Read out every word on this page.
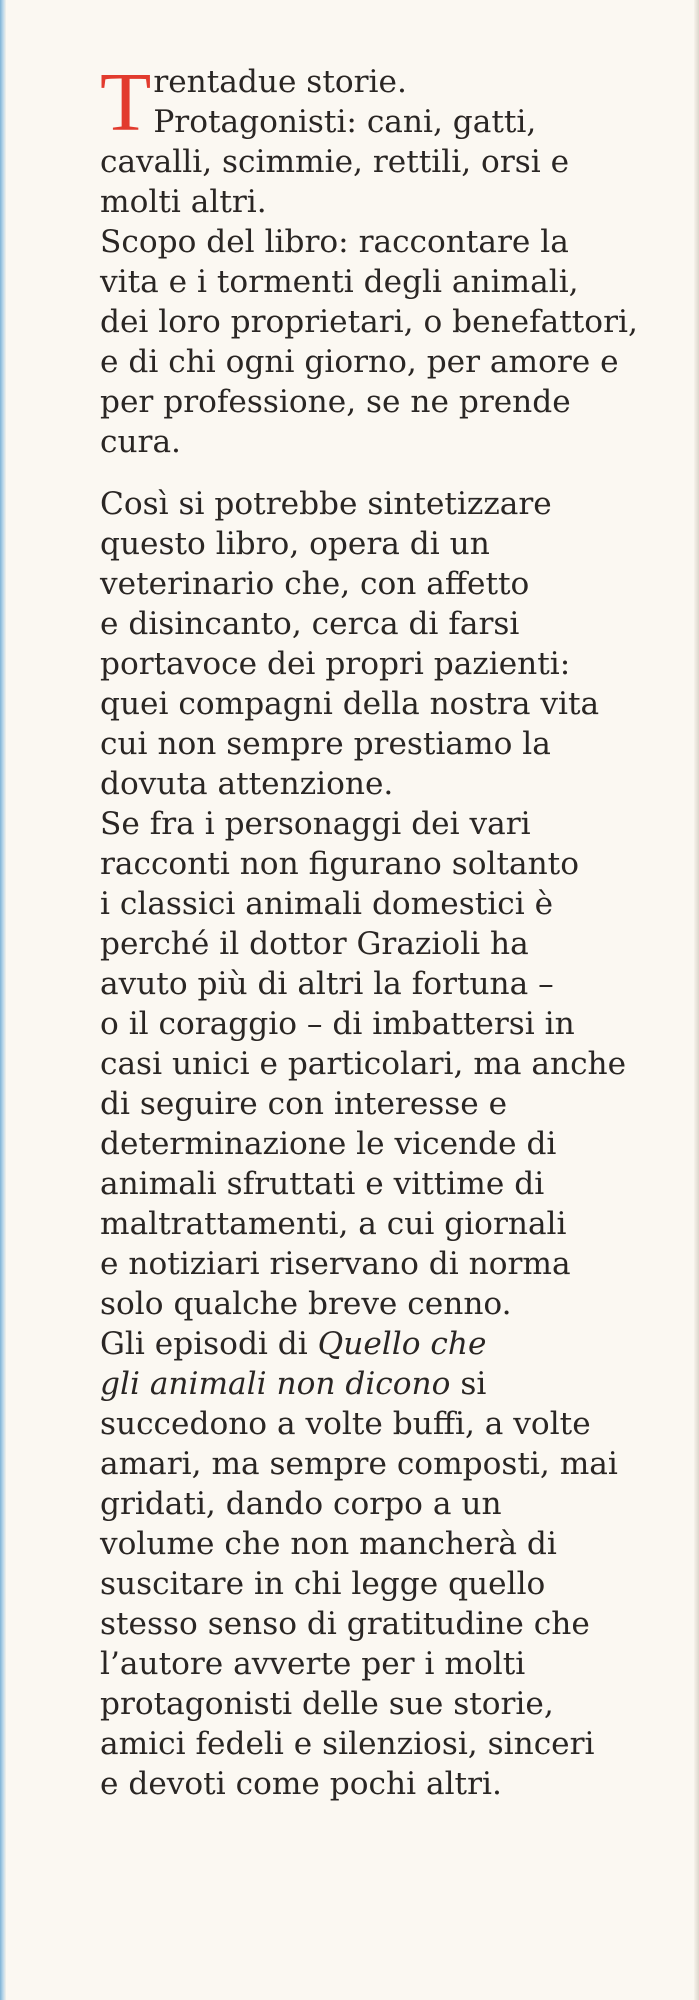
T rentadue storie.
Protagonisti: cani, gatti,
cavalli, scimmie, rettili, orsi e
molti altri.
Scopo del libro: raccontare la
vita e i tormenti degli animali,
dei loro proprietari, o benefattori,
e di chi ogni giorno, per amore e
per professione, se ne prende
cura.
Così si potrebbe sintetizzare
questo libro, opera di un
veterinario che, con affetto
e disincanto, cerca di farsi
portavoce dei propri pazienti:
quei compagni della nostra vita
cui non sempre prestiamo la
dovuta attenzione.
Se fra i personaggi dei vari
racconti non figurano soltanto
i classici animali domestici è
perché il dottor Grazioli ha
avuto più di altri la fortuna –
o il coraggio – di imbattersi in
casi unici e particolari, ma anche
di seguire con interesse e
determinazione le vicende di
animali sfruttati e vittime di
maltrattamenti, a cui giornali
e notiziari riservano di norma
solo qualche breve cenno.
Gli episodi di Quello che
gli animali non dicono si
succedono a volte buffi, a volte
amari, ma sempre composti, mai
gridati, dando corpo a un
volume che non mancherà di
suscitare in chi legge quello
stesso senso di gratitudine che
l’autore avverte per i molti
protagonisti delle sue storie,
amici fedeli e silenziosi, sinceri
e devoti come pochi altri.
